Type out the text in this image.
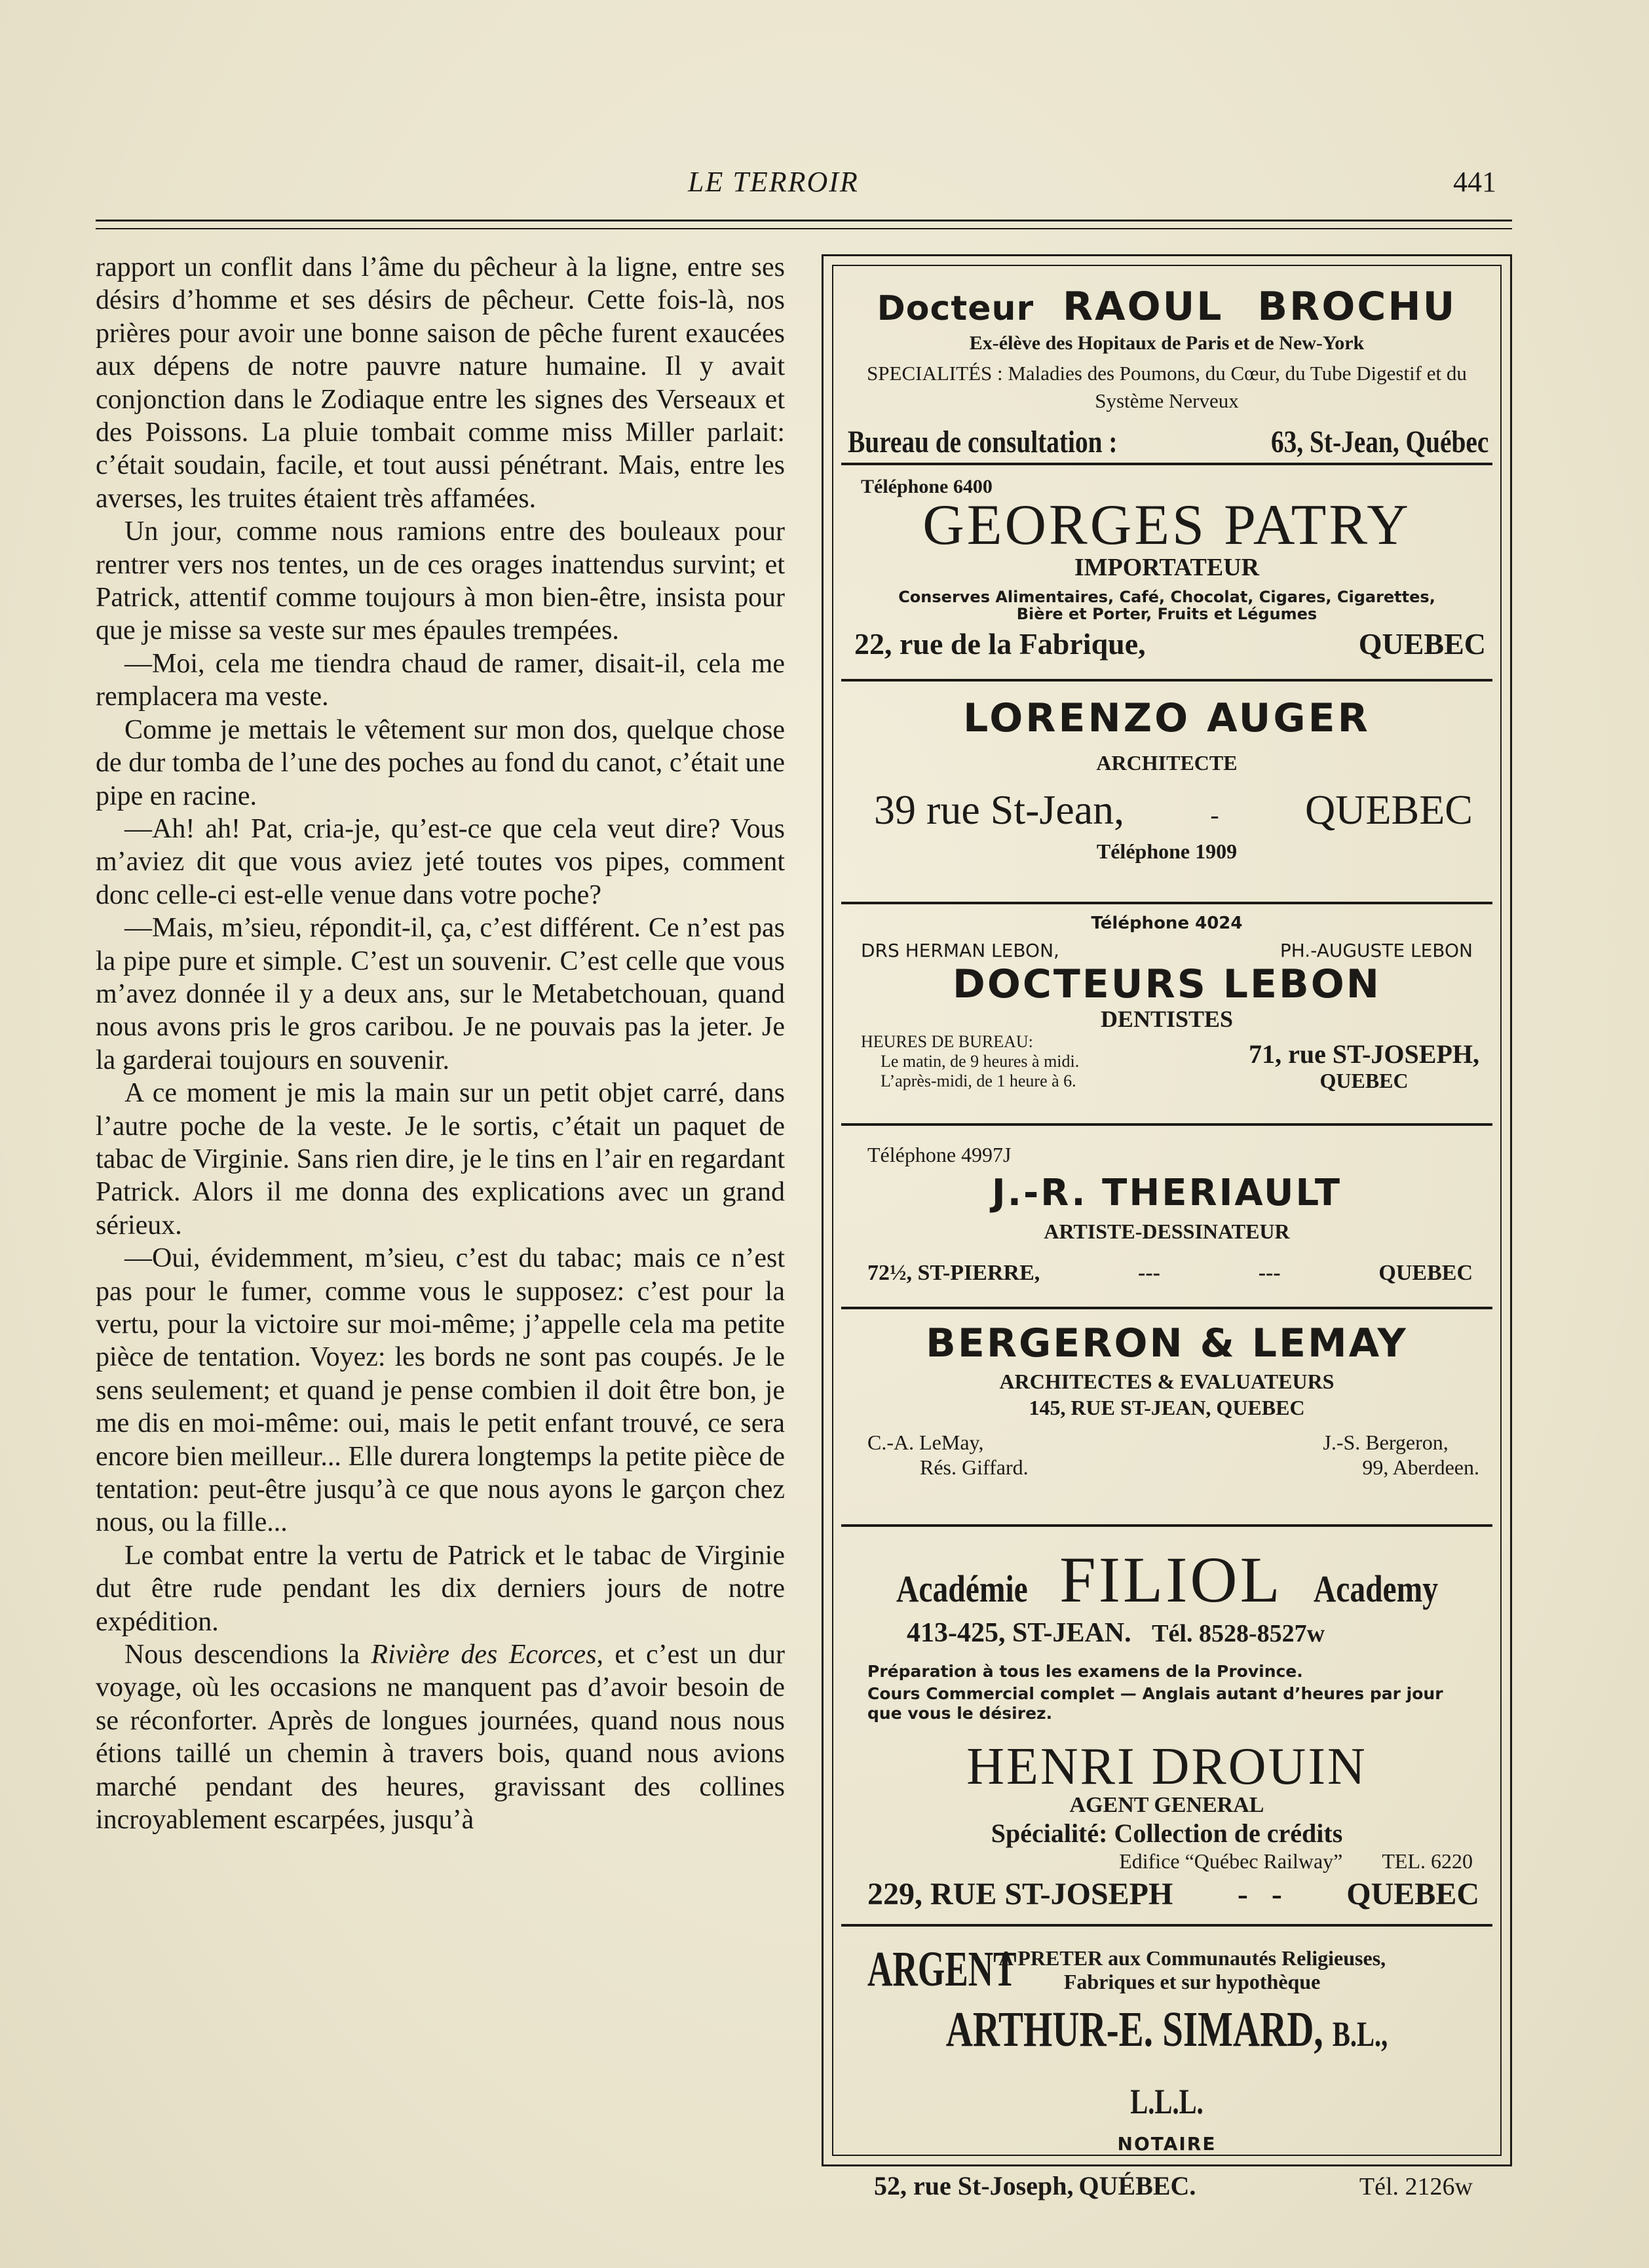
LE TERROIR	441

rapport un conflit dans l’âme du pêcheur à la ligne, entre ses désirs d’homme et ses désirs de pêcheur. Cette fois-là, nos prières pour avoir une bonne saison de pêche furent exaucées aux dépens de notre pauvre nature humaine. Il y avait conjonction dans le Zodiaque entre les signes des Verseaux et des Poissons. La pluie tombait comme miss Miller parlait: c’était soudain, facile, et tout aussi pénétrant. Mais, entre les averses, les truites étaient très affamées.

Un jour, comme nous ramions entre des bouleaux pour rentrer vers nos tentes, un de ces orages inattendus survint; et Patrick, attentif comme toujours à mon bien-être, insista pour que je misse sa veste sur mes épaules trempées.

—Moi, cela me tiendra chaud de ramer, disait-il, cela me remplacera ma veste.

Comme je mettais le vêtement sur mon dos, quelque chose de dur tomba de l’une des poches au fond du canot, c’était une pipe en racine.

—Ah! ah! Pat, cria-je, qu’est-ce que cela veut dire? Vous m’aviez dit que vous aviez jeté toutes vos pipes, comment donc celle-ci est-elle venue dans votre poche?

—Mais, m’sieu, répondit-il, ça, c’est différent. Ce n’est pas la pipe pure et simple. C’est un souvenir. C’est celle que vous m’avez donnée il y a deux ans, sur le Metabetchouan, quand nous avons pris le gros caribou. Je ne pouvais pas la jeter. Je la garderai toujours en souvenir.

A ce moment je mis la main sur un petit objet carré, dans l’autre poche de la veste. Je le sortis, c’était un paquet de tabac de Virginie. Sans rien dire, je le tins en l’air en regardant Patrick. Alors il me donna des explications avec un grand sérieux.

—Oui, évidemment, m’sieu, c’est du tabac; mais ce n’est pas pour le fumer, comme vous le supposez: c’est pour la vertu, pour la victoire sur moi-même; j’appelle cela ma petite pièce de tentation. Voyez: les bords ne sont pas coupés. Je le sens seulement; et quand je pense combien il doit être bon, je me dis en moi-même: oui, mais le petit enfant trouvé, ce sera encore bien meilleur... Elle durera longtemps la petite pièce de tentation: peut-être jusqu’à ce que nous ayons le garçon chez nous, ou la fille...

Le combat entre la vertu de Patrick et le tabac de Virginie dut être rude pendant les dix derniers jours de notre expédition.

Nous descendions la Rivière des Ecorces, et c’est un dur voyage, où les occasions ne manquent pas d’avoir besoin de se réconforter. Après de longues journées, quand nous nous étions taillé un chemin à travers bois, quand nous avions marché pendant des heures, gravissant des collines incroyablement escarpées, jusqu’à

Docteur RAOUL BROCHU
Ex-élève des Hopitaux de Paris et de New-York
SPECIALITÉS : Maladies des Poumons, du Cœur, du Tube Digestif et du Système Nerveux
Bureau de consultation :	63, St-Jean, Québec
Téléphone 6400
GEORGES PATRY
IMPORTATEUR
Conserves Alimentaires, Café, Chocolat, Cigares, Cigarettes, Bière et Porter, Fruits et Légumes
22, rue de la Fabrique,	QUEBEC
LORENZO AUGER
ARCHITECTE
39 rue St-Jean,	- QUEBEC
Téléphone 1909
Téléphone 4024
DRS HERMAN LEBON,	PH.-AUGUSTE LEBON
DOCTEURS LEBON
DENTISTES
HEURES DE BUREAU:
Le matin, de 9 heures à midi.
L’après-midi, de 1 heure à 6.
71, rue ST-JOSEPH,
QUEBEC
Téléphone 4997J
J.-R. THERIAULT
ARTISTE-DESSINATEUR
72½, ST-PIERRE,	---	---	QUEBEC
BERGERON & LEMAY
ARCHITECTES & EVALUATEURS
145, RUE ST-JEAN, QUEBEC
C.-A. LeMay,
Rés. Giffard.
J.-S. Bergeron,
99, Aberdeen.
Académie FILIOL Academy
413-425, ST-JEAN. Tél. 8528-8527w
Préparation à tous les examens de la Province.
Cours Commercial complet — Anglais autant d’heures par jour que vous le désirez.
HENRI DROUIN
AGENT GENERAL
Spécialité: Collection de crédits
Edifice “Québec Railway” TEL. 6220
229, RUE ST-JOSEPH -   - QUEBEC
ARGENT
A PRETER aux Communautés Religieuses,
Fabriques et sur hypothèque
ARTHUR-E. SIMARD, B.L., L.L.L.
NOTAIRE
52, rue St-Joseph,
QUÉBEC.	Tél. 2126w
